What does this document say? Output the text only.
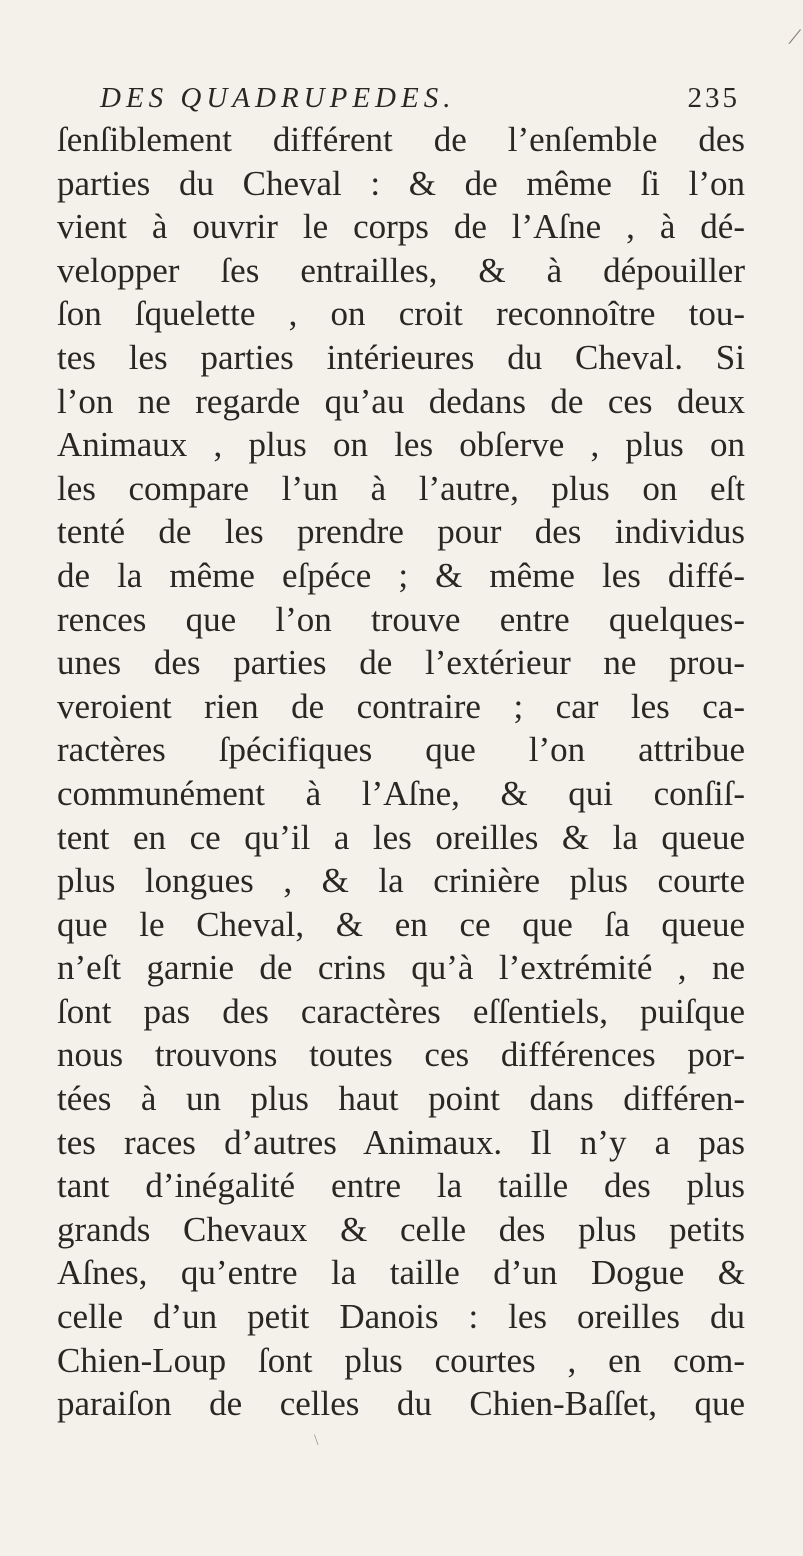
DES QUADRUPEDES.	235
ſenſiblement différent de l’enſemble des
parties du Cheval : & de même ſi l’on
vient à ouvrir le corps de l’Aſne , à dé-
velopper ſes entrailles, & à dépouiller
ſon ſquelette , on croit reconnoître tou-
tes les parties intérieures du Cheval. Si
l’on ne regarde qu’au dedans de ces deux
Animaux , plus on les obſerve , plus on
les compare l’un à l’autre, plus on eſt
tenté de les prendre pour des individus
de la même eſpéce ; & même les diffé-
rences que l’on trouve entre quelques-
unes des parties de l’extérieur ne prou-
veroient rien de contraire ; car les ca-
ractères ſpécifiques que l’on attribue
communément à l’Aſne, & qui conſiſ-
tent en ce qu’il a les oreilles & la queue
plus longues , & la crinière plus courte
que le Cheval, & en ce que ſa queue
n’eſt garnie de crins qu’à l’extrémité , ne
ſont pas des caractères eſſentiels, puiſque
nous trouvons toutes ces différences por-
tées à un plus haut point dans différen-
tes races d’autres Animaux. Il n’y a pas
tant d’inégalité entre la taille des plus
grands Chevaux & celle des plus petits
Aſnes, qu’entre la taille d’un Dogue &
celle d’un petit Danois : les oreilles du
Chien-Loup ſont plus courtes , en com-
paraiſon de celles du Chien-Baſſet, que
/
\
